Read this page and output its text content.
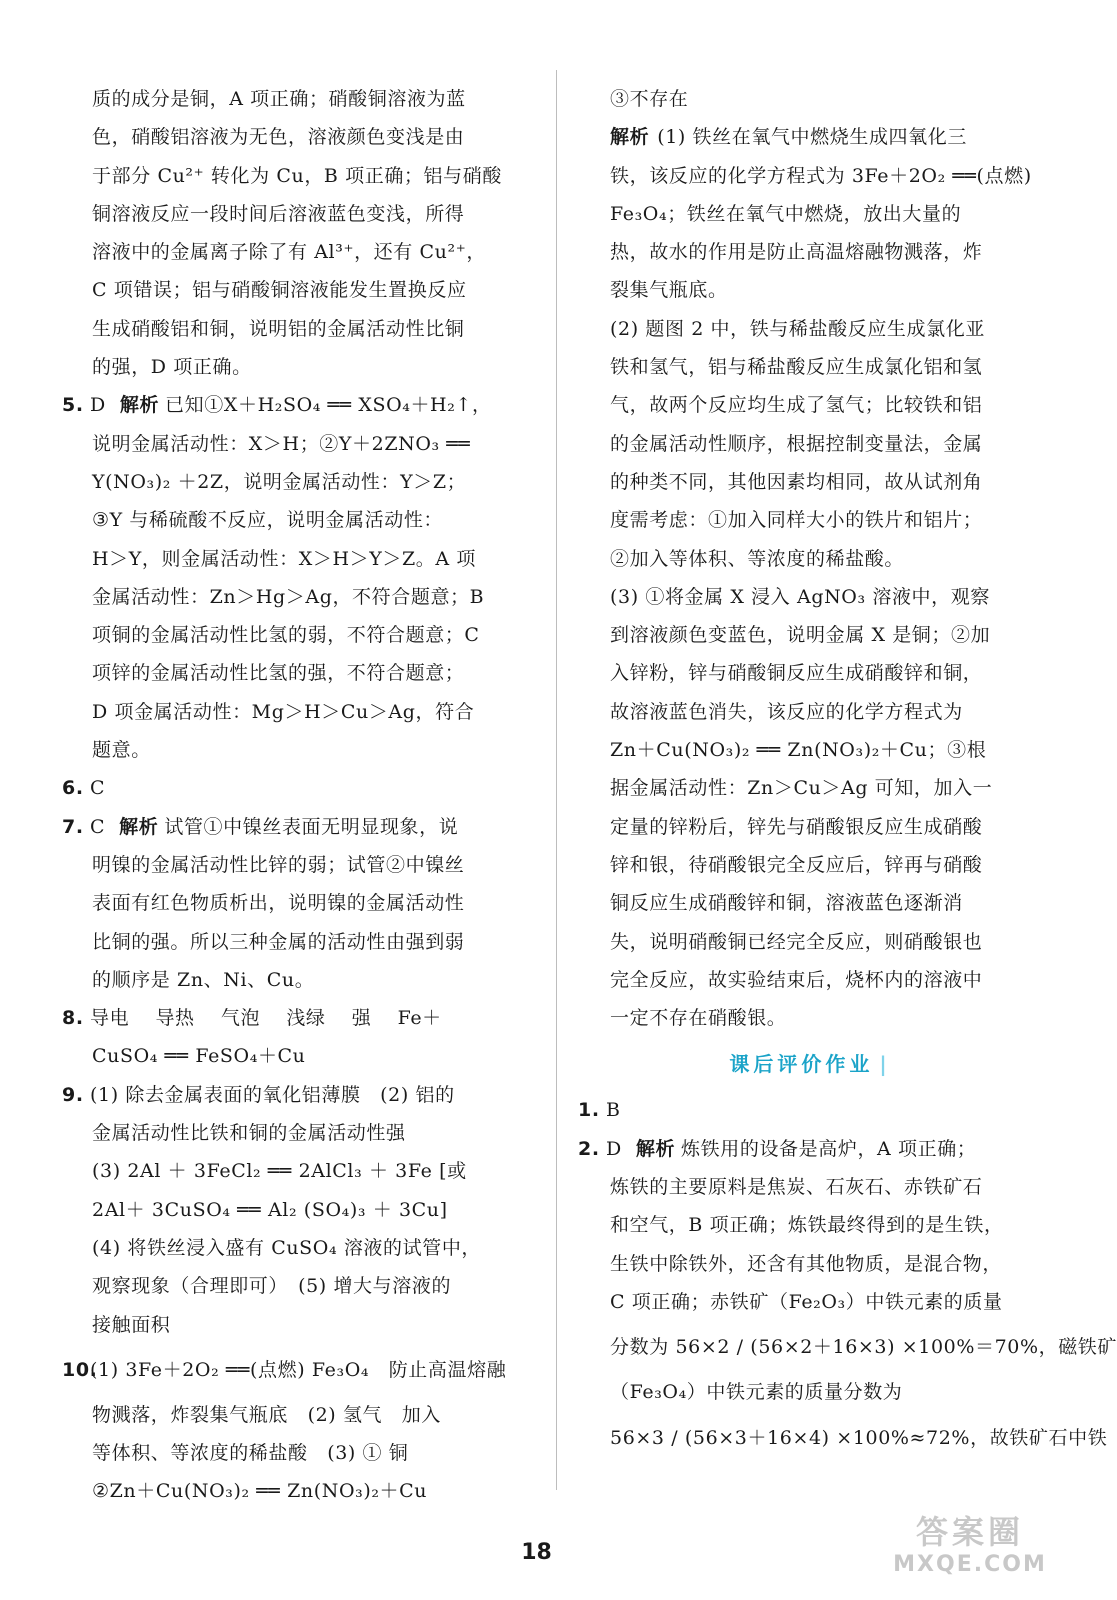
质的成分是铜，A 项正确；硝酸铜溶液为蓝
色，硝酸铝溶液为无色，溶液颜色变浅是由
于部分 Cu²⁺ 转化为 Cu，B 项正确；铝与硝酸
铜溶液反应一段时间后溶液蓝色变浅，所得
溶液中的金属离子除了有 Al³⁺，还有 Cu²⁺，
C 项错误；铝与硝酸铜溶液能发生置换反应
生成硝酸铝和铜，说明铝的金属活动性比铜
的强，D 项正确。
5. D 解析 已知①X＋H₂SO₄ ══ XSO₄＋H₂↑，
说明金属活动性：X＞H；②Y＋2ZNO₃ ══
Y(NO₃)₂ ＋2Z，说明金属活动性：Y＞Z；
③Y 与稀硫酸不反应，说明金属活动性：
H＞Y，则金属活动性：X＞H＞Y＞Z。A 项
金属活动性：Zn＞Hg＞Ag，不符合题意；B
项铜的金属活动性比氢的弱，不符合题意；C
项锌的金属活动性比氢的强，不符合题意；
D 项金属活动性：Mg＞H＞Cu＞Ag，符合
题意。
6. C
7. C 解析 试管①中镍丝表面无明显现象，说
明镍的金属活动性比锌的弱；试管②中镍丝
表面有红色物质析出，说明镍的金属活动性
比铜的强。所以三种金属的活动性由强到弱
的顺序是 Zn、Ni、Cu。
8. 导电　 导热　 气泡　 浅绿　 强　 Fe＋
CuSO₄ ══ FeSO₄＋Cu
9. (1) 除去金属表面的氧化铝薄膜　(2) 铝的
金属活动性比铁和铜的金属活动性强
(3) 2Al ＋ 3FeCl₂ ══ 2AlCl₃ ＋ 3Fe [或
2Al＋ 3CuSO₄ ══ Al₂ (SO₄)₃ ＋ 3Cu]
(4) 将铁丝浸入盛有 CuSO₄ 溶液的试管中，
观察现象（合理即可）　(5) 增大与溶液的
接触面积
10.(1) 3Fe＋2O₂ ══(点燃) Fe₃O₄　防止高温熔融
物溅落，炸裂集气瓶底　(2) 氢气　加入
等体积、等浓度的稀盐酸　(3) ① 铜
②Zn＋Cu(NO₃)₂ ══ Zn(NO₃)₂＋Cu
③不存在
解析 (1) 铁丝在氧气中燃烧生成四氧化三
铁，该反应的化学方程式为 3Fe＋2O₂ ══(点燃)
Fe₃O₄；铁丝在氧气中燃烧，放出大量的
热，故水的作用是防止高温熔融物溅落，炸
裂集气瓶底。
(2) 题图 2 中，铁与稀盐酸反应生成氯化亚
铁和氢气，铝与稀盐酸反应生成氯化铝和氢
气，故两个反应均生成了氢气；比较铁和铝
的金属活动性顺序，根据控制变量法，金属
的种类不同，其他因素均相同，故从试剂角
度需考虑：①加入同样大小的铁片和铝片；
②加入等体积、等浓度的稀盐酸。
(3) ①将金属 X 浸入 AgNO₃ 溶液中，观察
到溶液颜色变蓝色，说明金属 X 是铜；②加
入锌粉，锌与硝酸铜反应生成硝酸锌和铜，
故溶液蓝色消失，该反应的化学方程式为
Zn＋Cu(NO₃)₂ ══ Zn(NO₃)₂＋Cu；③根
据金属活动性：Zn＞Cu＞Ag 可知，加入一
定量的锌粉后，锌先与硝酸银反应生成硝酸
锌和银，待硝酸银完全反应后，锌再与硝酸
铜反应生成硝酸锌和铜，溶液蓝色逐渐消
失，说明硝酸铜已经完全反应，则硝酸银也
完全反应，故实验结束后，烧杯内的溶液中
一定不存在硝酸银。
课后评价作业 |
1. B
2. D 解析 炼铁用的设备是高炉，A 项正确；
炼铁的主要原料是焦炭、石灰石、赤铁矿石
和空气，B 项正确；炼铁最终得到的是生铁，
生铁中除铁外，还含有其他物质，是混合物，
C 项正确；赤铁矿（Fe₂O₃）中铁元素的质量
分数为 56×2 / (56×2＋16×3) ×100%＝70%，磁铁矿
（Fe₃O₄）中铁元素的质量分数为
56×3 / (56×3＋16×4) ×100%≈72%，故铁矿石中铁
18
答案圈
MXQE.COM
